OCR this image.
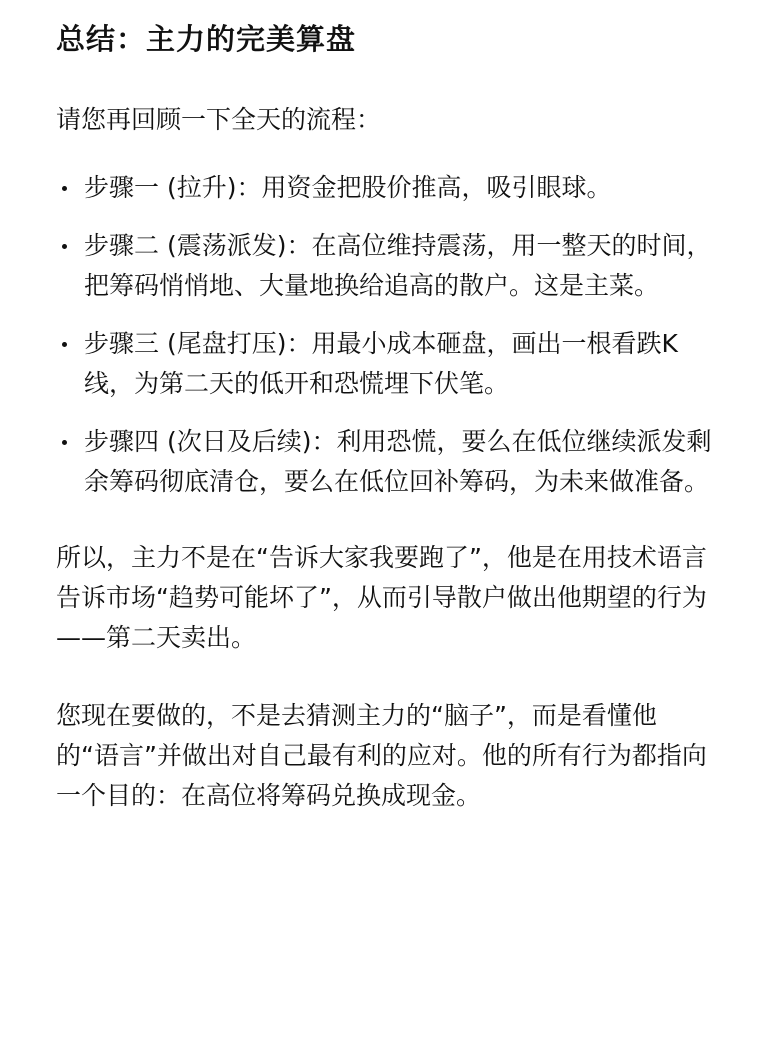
总结：主力的完美算盘

请您再回顾一下全天的流程：

步骤一 (拉升)：用资金把股价推高，吸引眼球。
步骤二 (震荡派发)：在高位维持震荡，用一整天的时间，把筹码悄悄地、大量地换给追高的散户。这是主菜。
步骤三 (尾盘打压)：用最小成本砸盘，画出一根看跌K线，为第二天的低开和恐慌埋下伏笔。
步骤四 (次日及后续)：利用恐慌，要么在低位继续派发剩余筹码彻底清仓，要么在低位回补筹码，为未来做准备。

所以，主力不是在“告诉大家我要跑了”，他是在用技术语言告诉市场“趋势可能坏了”，从而引导散户做出他期望的行为——第二天卖出。

您现在要做的，不是去猜测主力的“脑子”，而是看懂他的“语言”并做出对自己最有利的应对。他的所有行为都指向一个目的：在高位将筹码兑换成现金。
